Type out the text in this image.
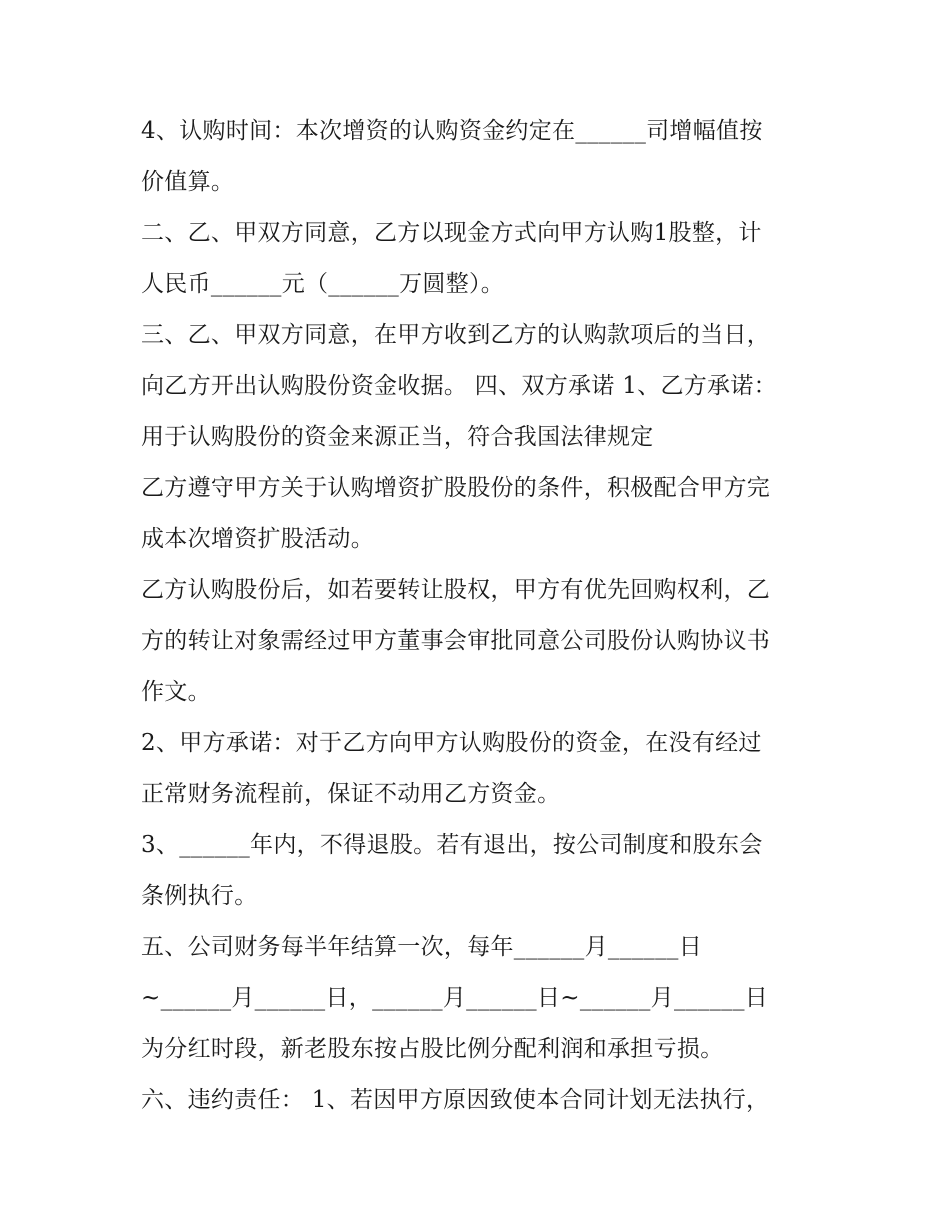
4、认购时间：本次增资的认购资金约定在______司增幅值按
价值算。
二、乙、甲双方同意，乙方以现金方式向甲方认购1股整，计
人民币______元（______万圆整）。
三、乙、甲双方同意，在甲方收到乙方的认购款项后的当日，
向乙方开出认购股份资金收据。 四、双方承诺 1、乙方承诺：
用于认购股份的资金来源正当，符合我国法律规定
乙方遵守甲方关于认购增资扩股股份的条件，积极配合甲方完
成本次增资扩股活动。
乙方认购股份后，如若要转让股权，甲方有优先回购权利，乙
方的转让对象需经过甲方董事会审批同意公司股份认购协议书
作文。
2、甲方承诺：对于乙方向甲方认购股份的资金，在没有经过
正常财务流程前，保证不动用乙方资金。
3、______年内，不得退股。若有退出，按公司制度和股东会
条例执行。
五、公司财务每半年结算一次，每年______月______日
~______月______日，______月______日~______月______日
为分红时段，新老股东按占股比例分配利润和承担亏损。
六、违约责任： 1、若因甲方原因致使本合同计划无法执行，
